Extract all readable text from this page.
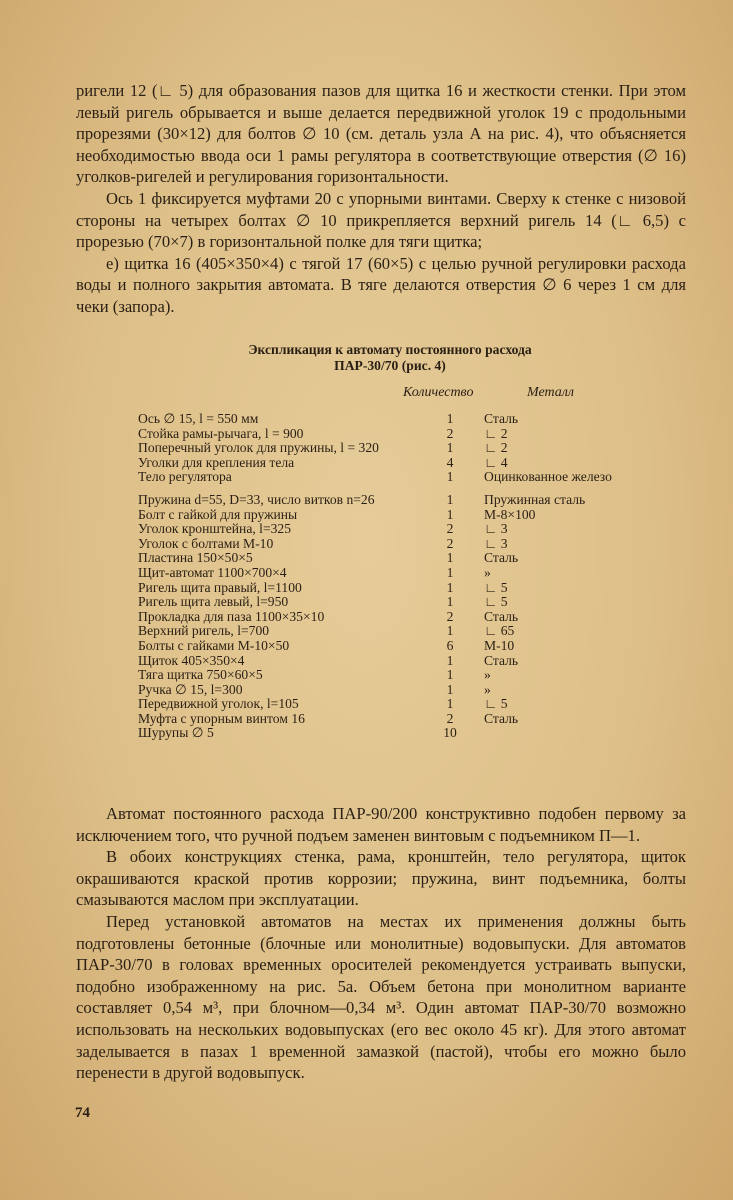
ригели 12 (∟ 5) для образования пазов для щитка 16 и жесткости стенки. При этом левый ригель обрывается и выше делается передвижной уголок 19 с продольными прорезями (30×12) для болтов ∅ 10 (см. деталь узла А на рис. 4), что объясняется необходимостью ввода оси 1 рамы регулятора в соответствующие отверстия (∅ 16) уголков-ригелей и регулирования горизонтальности.

Ось 1 фиксируется муфтами 20 с упорными винтами. Сверху к стенке с низовой стороны на четырех болтах ∅ 10 прикрепляется верхний ригель 14 (∟ 6,5) с прорезью (70×7) в горизонтальной полке для тяги щитка;

е) щитка 16 (405×350×4) с тягой 17 (60×5) с целью ручной регулировки расхода воды и полного закрытия автомата. В тяге делаются отверстия ∅ 6 через 1 см для чеки (запора).

Экспликация к автомату постоянного расхода
ПАР-30/70 (рис. 4)
Количество	Металл
Ось ∅ 15, l = 550 мм	1	Сталь
Стойка рамы-рычага, l = 900	2	∟ 2
Поперечный уголок для пружины, l = 320	1	∟ 2
Уголки для крепления тела	4	∟ 4
Тело регулятора	1	Оцинкованное железо

Пружина d=55, D=33, число витков n=26	1	Пружинная сталь
Болт с гайкой для пружины	1	М-8×100
Уголок кронштейна, l=325	2	∟ 3
Уголок с болтами М-10	2	∟ 3
Пластина 150×50×5	1	Сталь
Щит-автомат 1100×700×4	1	»
Ригель щита правый, l=1100	1	∟ 5
Ригель щита левый, l=950	1	∟ 5
Прокладка для паза 1100×35×10	2	Сталь
Верхний ригель, l=700	1	∟ 65
Болты с гайками М-10×50	6	М-10
Щиток 405×350×4	1	Сталь
Тяга щитка 750×60×5	1	»
Ручка ∅ 15, l=300	1	»
Передвижной уголок, l=105	1	∟ 5
Муфта с упорным винтом 16	2	Сталь
Шурупы ∅ 5	10	

Автомат постоянного расхода ПАР-90/200 конструктивно подобен первому за исключением того, что ручной подъем заменен винтовым с подъемником П—1.

В обоих конструкциях стенка, рама, кронштейн, тело регулятора, щиток окрашиваются краской против коррозии; пружина, винт подъемника, болты смазываются маслом при эксплуатации.

Перед установкой автоматов на местах их применения должны быть подготовлены бетонные (блочные или монолитные) водовыпуски. Для автоматов ПАР-30/70 в головах временных оросителей рекомендуется устраивать выпуски, подобно изображенному на рис. 5а. Объем бетона при монолитном варианте составляет 0,54 м³, при блочном—0,34 м³. Один автомат ПАР-30/70 возможно использовать на нескольких водовыпусках (его вес около 45 кг). Для этого автомат заделывается в пазах 1 временной замазкой (пастой), чтобы его можно было перенести в другой водовыпуск.

74
